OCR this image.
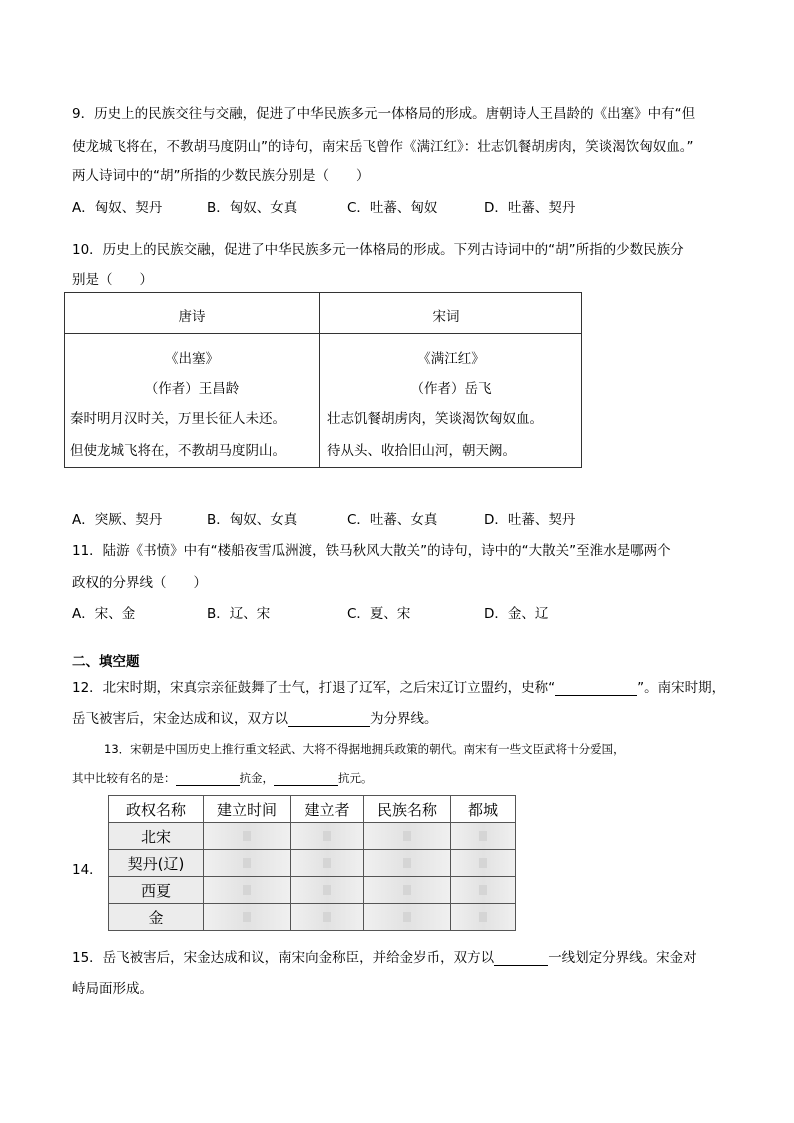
9．历史上的民族交往与交融，促进了中华民族多元一体格局的形成。唐朝诗人王昌龄的《出塞》中有“但
使龙城飞将在，不教胡马度阴山”的诗句，南宋岳飞曾作《满江红》：壮志饥餐胡虏肉，笑谈渴饮匈奴血。”
两人诗词中的“胡”所指的少数民族分别是（　　）
A．匈奴、契丹	B．匈奴、女真	C．吐蕃、匈奴	D．吐蕃、契丹
10．历史上的民族交融，促进了中华民族多元一体格局的形成。下列古诗词中的“胡”所指的少数民族分
别是（　　）
唐诗	宋词
《出塞》
（作者）王昌龄
秦时明月汉时关，万里长征人未还。
但使龙城飞将在，不教胡马度阴山。
《满江红》
（作者）岳飞
壮志饥餐胡虏肉，笑谈渴饮匈奴血。
待从头、收拾旧山河，朝天阙。
A．突厥、契丹	B．匈奴、女真	C．吐蕃、女真	D．吐蕃、契丹
11．陆游《书愤》中有“楼船夜雪瓜洲渡，铁马秋风大散关”的诗句，诗中的“大散关”至淮水是哪两个
政权的分界线（　　）
A．宋、金	B．辽、宋	C．夏、宋	D．金、辽
二、填空题
12．北宋时期，宋真宗亲征鼓舞了士气，打退了辽军，之后宋辽订立盟约，史称“	”。南宋时期，
岳飞被害后，宋金达成和议，双方以	为分界线。
13．宋朝是中国历史上推行重文轻武、大将不得据地拥兵政策的朝代。南宋有一些文臣武将十分爱国，
其中比较有名的是：	抗金，	抗元。
14．
政权名称	建立时间	建立者	民族名称	都城
北宋				
契丹(辽)				
西夏				
金				
15．岳飞被害后，宋金达成和议，南宋向金称臣，并给金岁币，双方以	一线划定分界线。宋金对
峙局面形成。
